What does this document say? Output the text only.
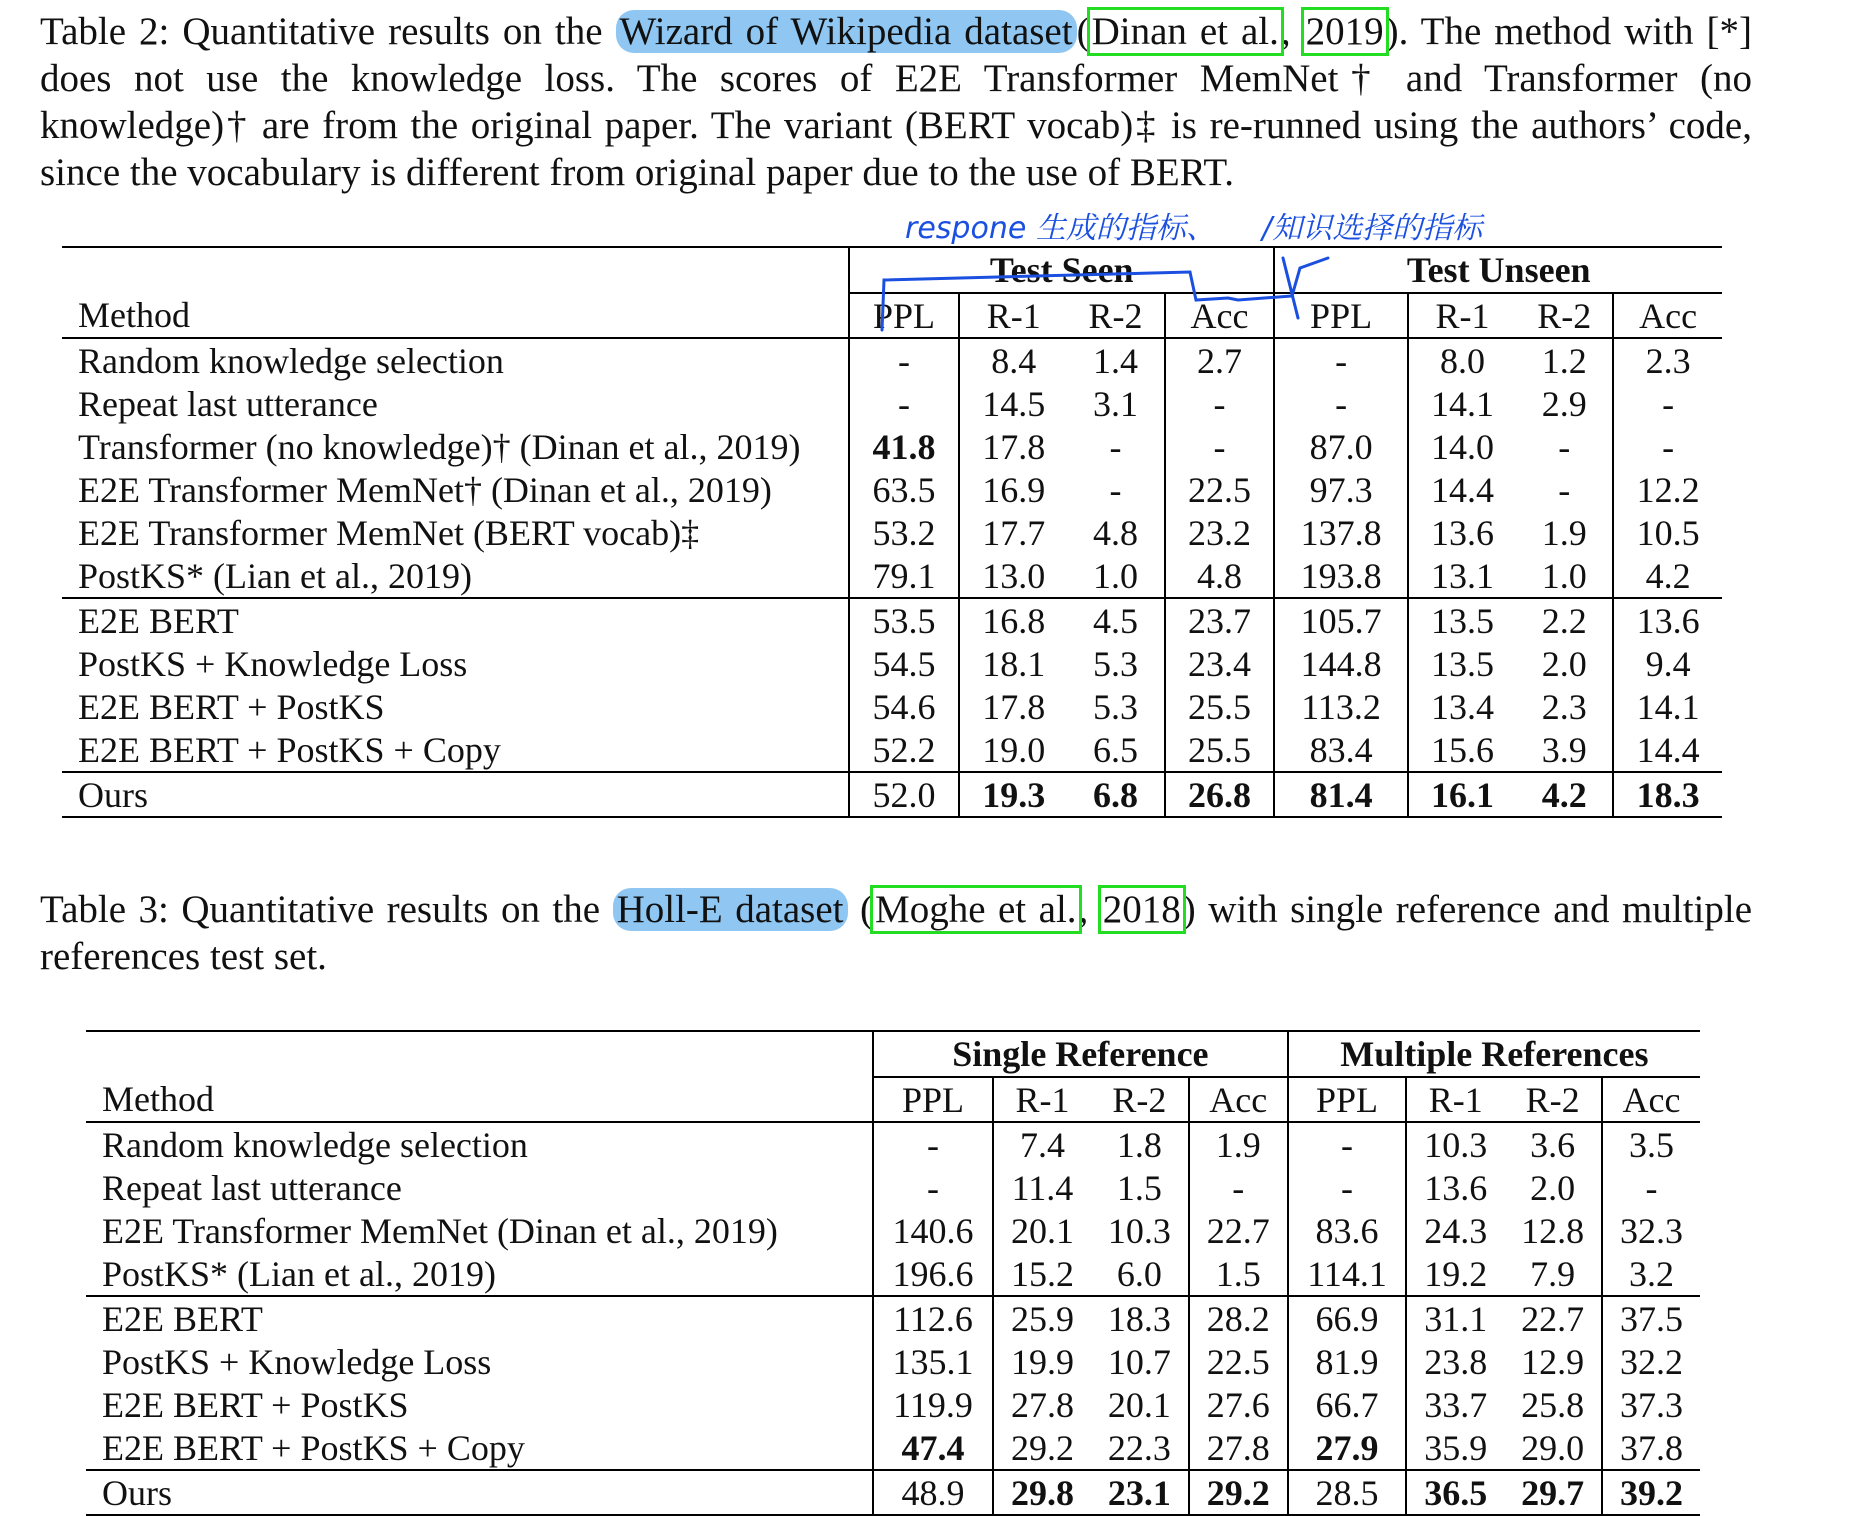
Table 2: Quantitative results on the Wizard of Wikipedia dataset (Dinan et al., 2019). The method with [*] does not use the knowledge loss. The scores of E2E Transformer MemNet† and Transformer (no knowledge)† are from the original paper. The variant (BERT vocab)‡ is re-runned using the authors’ code, since the vocabulary is different from original paper due to the use of BERT.

	Test Seen				Test Unseen			
Method	PPL	R-1	R-2	Acc	PPL	R-1	R-2	Acc
Random knowledge selection	-	8.4	1.4	2.7	-	8.0	1.2	2.3
Repeat last utterance	-	14.5	3.1	-	-	14.1	2.9	-
Transformer (no knowledge)† (Dinan et al., 2019)	41.8	17.8	-	-	87.0	14.0	-	-
E2E Transformer MemNet† (Dinan et al., 2019)	63.5	16.9	-	22.5	97.3	14.4	-	12.2
E2E Transformer MemNet (BERT vocab)‡	53.2	17.7	4.8	23.2	137.8	13.6	1.9	10.5
PostKS* (Lian et al., 2019)	79.1	13.0	1.0	4.8	193.8	13.1	1.0	4.2
E2E BERT	53.5	16.8	4.5	23.7	105.7	13.5	2.2	13.6
PostKS + Knowledge Loss	54.5	18.1	5.3	23.4	144.8	13.5	2.0	9.4
E2E BERT + PostKS	54.6	17.8	5.3	25.5	113.2	13.4	2.3	14.1
E2E BERT + PostKS + Copy	52.2	19.0	6.5	25.5	83.4	15.6	3.9	14.4
Ours	52.0	19.3	6.8	26.8	81.4	16.1	4.2	18.3
respone 生成的指标、 /知识选择的指标

Table 3: Quantitative results on the Holl-E dataset (Moghe et al., 2018) with single reference and multiple references test set.

	Single Reference				Multiple References			
Method	PPL	R-1	R-2	Acc	PPL	R-1	R-2	Acc
Random knowledge selection	-	7.4	1.8	1.9	-	10.3	3.6	3.5
Repeat last utterance	-	11.4	1.5	-	-	13.6	2.0	-
E2E Transformer MemNet (Dinan et al., 2019)	140.6	20.1	10.3	22.7	83.6	24.3	12.8	32.3
PostKS* (Lian et al., 2019)	196.6	15.2	6.0	1.5	114.1	19.2	7.9	3.2
E2E BERT	112.6	25.9	18.3	28.2	66.9	31.1	22.7	37.5
PostKS + Knowledge Loss	135.1	19.9	10.7	22.5	81.9	23.8	12.9	32.2
E2E BERT + PostKS	119.9	27.8	20.1	27.6	66.7	33.7	25.8	37.3
E2E BERT + PostKS + Copy	47.4	29.2	22.3	27.8	27.9	35.9	29.0	37.8
Ours	48.9	29.8	23.1	29.2	28.5	36.5	29.7	39.2
